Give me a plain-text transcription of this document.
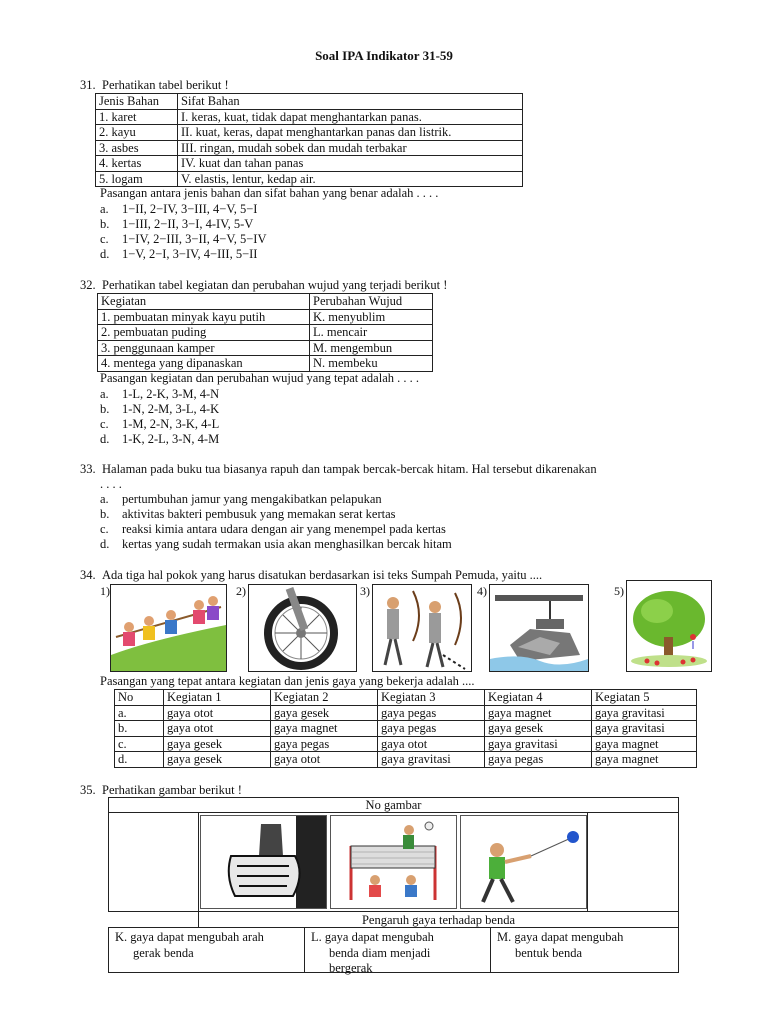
Soal IPA Indikator 31-59
31. Perhatikan tabel berikut !
Jenis Bahan	Sifat Bahan
1. karet	I. keras, kuat, tidak dapat menghantarkan panas.
2. kayu	II. kuat, keras, dapat menghantarkan panas dan listrik.
3. asbes	III. ringan, mudah sobek dan mudah terbakar
4. kertas	IV. kuat dan tahan panas
5. logam	V. elastis, lentur, kedap air.
Pasangan antara jenis bahan dan sifat bahan yang benar adalah . . . .
a. 1−II, 2−IV, 3−III, 4−V, 5−I
b. 1−III, 2−II, 3−I, 4-IV, 5-V
c. 1−IV, 2−III, 3−II, 4−V, 5−IV
d. 1−V, 2−I, 3−IV, 4−III, 5−II
32. Perhatikan tabel kegiatan dan perubahan wujud yang terjadi berikut !
Kegiatan	Perubahan Wujud
1. pembuatan minyak kayu putih	K. menyublim
2. pembuatan puding	L. mencair
3. penggunaan kamper	M. mengembun
4. mentega yang dipanaskan	N. membeku
Pasangan kegiatan dan perubahan wujud yang tepat adalah . . . .
a. 1-L, 2-K, 3-M, 4-N
b. 1-N, 2-M, 3-L, 4-K
c. 1-M, 2-N, 3-K, 4-L
d. 1-K, 2-L, 3-N, 4-M
33. Halaman pada buku tua biasanya rapuh dan tampak bercak-bercak hitam. Hal tersebut dikarenakan
. . . .
a. pertumbuhan jamur yang mengakibatkan pelapukan
b. aktivitas bakteri pembusuk yang memakan serat kertas
c. reaksi kimia antara udara dengan air yang menempel pada kertas
d. kertas yang sudah termakan usia akan menghasilkan bercak hitam
34. Ada tiga hal pokok yang harus disatukan berdasarkan isi teks Sumpah Pemuda, yaitu ....
1)	2)	3)	4)	5)
Pasangan yang tepat antara kegiatan dan jenis gaya yang bekerja adalah ....
No	Kegiatan 1	Kegiatan 2	Kegiatan 3	Kegiatan 4	Kegiatan 5
a.	gaya otot	gaya gesek	gaya pegas	gaya magnet	gaya gravitasi
b.	gaya otot	gaya magnet	gaya pegas	gaya gesek	gaya gravitasi
c.	gaya gesek	gaya pegas	gaya otot	gaya gravitasi	gaya magnet
d.	gaya gesek	gaya otot	gaya gravitasi	gaya pegas	gaya magnet
35. Perhatikan gambar berikut !
No gambar
Pengaruh gaya terhadap benda
K. gaya dapat mengubah arah
gerak benda
L. gaya dapat mengubah
benda diam menjadi
bergerak
M. gaya dapat mengubah
bentuk benda
